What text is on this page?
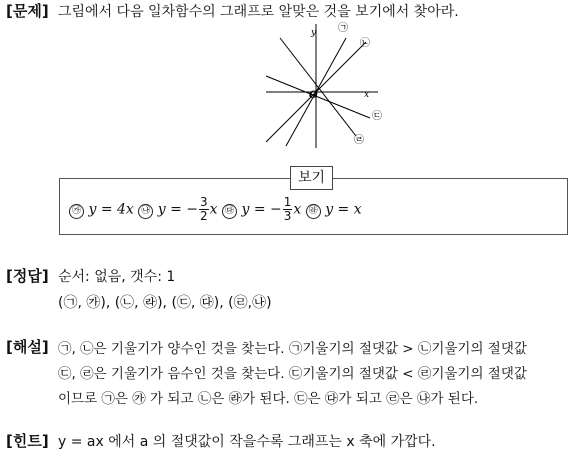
[문제] 그림에서 다음 일차함수의 그래프로 알맞은 것을 보기에서 찾아라.
y
x
O
㉠
㉡
㉢
㉣
보기
㉮ y = 4x ㉯ y = − $\frac{3}{2}$ x ㉰ y = − $\frac{1}{3}$ x ㉱ y = x
[정답] 순서: 없음, 갯수: 1
(㉠, ㉮), (㉡, ㉱), (㉢, ㉰), (㉣,㉯)
[해설] ㉠, ㉡은 기울기가 양수인 것을 찾는다. ㉠기울기의 절댓값 > ㉡기울기의 절댓값
㉢, ㉣은 기울기가 음수인 것을 찾는다. ㉢기울기의 절댓값 < ㉣기울기의 절댓값
이므로 ㉠은 ㉮ 가 되고 ㉡은 ㉱가 된다. ㉢은 ㉰가 되고 ㉣은 ㉯가 된다.
[힌트] y = ax 에서 a 의 절댓값이 작을수록 그래프는 x 축에 가깝다.
